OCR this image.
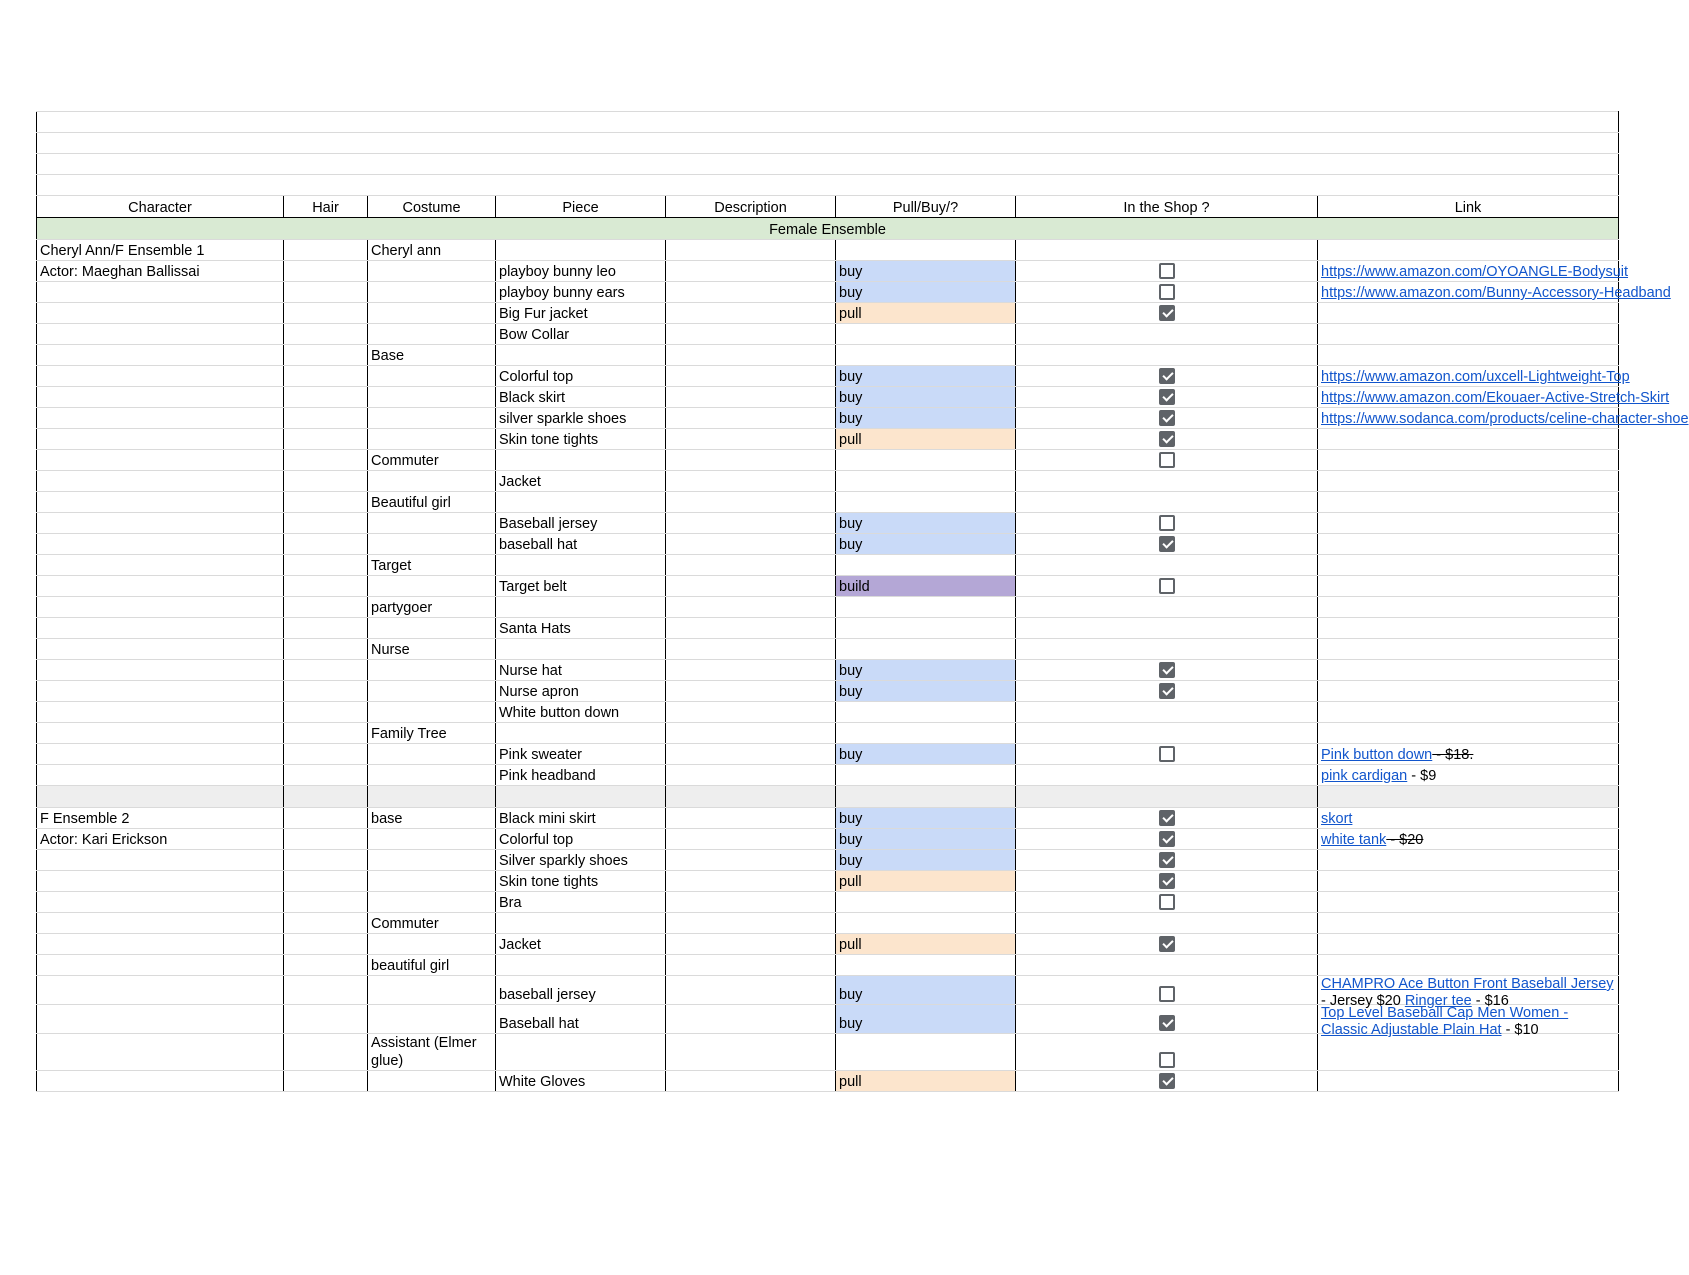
Character	Hair	Costume	Piece	Description	Pull/Buy/?	In the Shop ?	Link
Female Ensemble							
Cheryl Ann/F Ensemble 1		Cheryl ann					
Actor: Maeghan Ballissai			playboy bunny leo		buy		https://www.amazon.com/OYOANGLE-Bodysuit
			playboy bunny ears		buy		https://www.amazon.com/Bunny-Accessory-Headband
			Big Fur jacket		pull		
			Bow Collar				
		Base					
			Colorful top		buy		https://www.amazon.com/uxcell-Lightweight-Top
			Black skirt		buy		https://www.amazon.com/Ekouaer-Active-Stretch-Skirt
			silver sparkle shoes		buy		https://www.sodanca.com/products/celine-character-shoe
			Skin tone tights		pull		
		Commuter					
			Jacket				
		Beautiful girl					
			Baseball jersey		buy		
			baseball hat		buy		
		Target					
			Target belt		build		
		partygoer					
			Santa Hats				
		Nurse					
			Nurse hat		buy		
			Nurse apron		buy		
			White button down				
		Family Tree					
			Pink sweater		buy		Pink button down - $18.
			Pink headband				pink cardigan - $9

F Ensemble 2		base	Black mini skirt		buy		skort
Actor: Kari Erickson			Colorful top		buy		white tank - $20
			Silver sparkly shoes		buy		
			Skin tone tights		pull		
			Bra				
		Commuter					
			Jacket		pull		
		beautiful girl					
			baseball jersey		buy		CHAMPRO Ace Button Front Baseball Jersey - Jersey $20 Ringer tee - $16

			Baseball hat		buy		Top Level Baseball Cap Men Women - Classic Adjustable Plain Hat - $10

		Assistant (Elmer glue)					
			White Gloves		pull		
